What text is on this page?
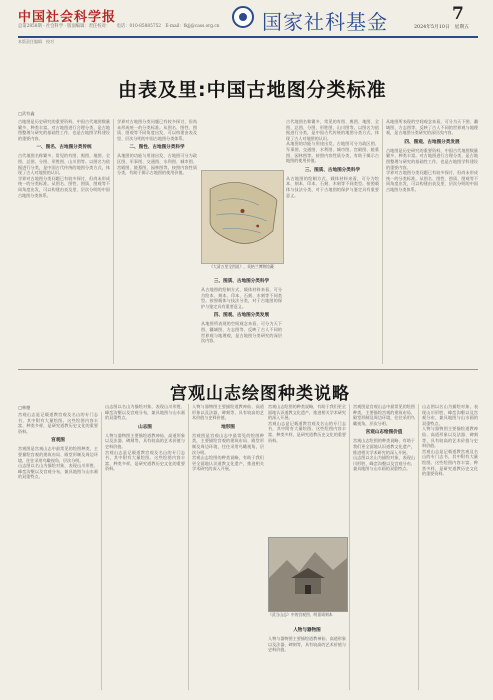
中国社会科学报
总第2858期 · 社会科学 · 版面编辑：责任校对：　　电话：010-85885752　E-mail：fkjj@cass.org.cn 国家社科基金	7
2024年5月10日　星期五
本版责任编辑　校对
由表及里:中国古地图分类标准
□武有鑫
古地图是历史研究的重要资料，中国古代地图数量繁多、种类丰富。对古地图进行合理分类，是古地图整理与研究的基础性工作，也是古地图学科建设的重要内容。
一、图名、古地图分类传统
古代地图名称繁多，常见的有图、舆图、地图、全图、总图、分图、形胜图、山川图等。以图名为依据进行分类，是中国古代传统的地图分类方式，体现了古人对地图的认识。
学界对古地图分类问题已有较多探讨，但尚未形成统一的分类标准。从图名、图性、图质、图观等不同角度出发，可以构建由表及里、层次分明的中国古地图分类体系。
学界对古地图分类问题已有较多探讨，但尚未形成统一的分类标准。从图名、图性、图质、图观等不同角度出发，可以构建由表及里、层次分明的中国古地图分类体系。
二、图性、古地图分类科学
从地图的功能与用途出发，古地图可分为政区图、军事图、交通图、水利图、城市图、宫殿图、陵墓图、园林图等。按照内容性质分类，有助于揭示古地图的使用价值。
《大清万里全图说》，英格兰博物馆藏
三、图质、古地图分类科学
从古地图的绘制方式、载体材料来看，可分为绘本、刻本、印本、石刻、木刻等不同类型。按照载体与技法分类，对于古地图的保护与鉴定具有重要意义。
四、图观、古地图分类发展
从地图所表现的空间观念来看，可分为天下图、疆域图、方志图等，反映了古人不同的世界观与地理观，是古地图分类研究的深层次内容。
古代地图名称繁多，常见的有图、舆图、地图、全图、总图、分图、形胜图、山川图等。以图名为依据进行分类，是中国古代传统的地图分类方式，体现了古人对地图的认识。
从地图的功能与用途出发，古地图可分为政区图、军事图、交通图、水利图、城市图、宫殿图、陵墓图、园林图等。按照内容性质分类，有助于揭示古地图的使用价值。
三、图质、古地图分类科学
从古地图的绘制方式、载体材料来看，可分为绘本、刻本、印本、石刻、木刻等不同类型。按照载体与技法分类，对于古地图的保护与鉴定具有重要意义。
从地图所表现的空间观念来看，可分为天下图、疆域图、方志图等，反映了古人不同的世界观与地理观，是古地图分类研究的深层次内容。
四、图观、古地图分类发展
古地图是历史研究的重要资料，中国古代地图数量繁多、种类丰富。对古地图进行合理分类，是古地图整理与研究的基础性工作，也是古地图学科建设的重要内容。
学界对古地图分类问题已有较多探讨，但尚未形成统一的分类标准。从图名、图性、图质、图观等不同角度出发，可以构建由表及里、层次分明的中国古地图分类体系。
宫观山志绘图种类说略
□林德
宫观山志是记载道教宫观及名山的专门志书，其中附有大量绘图。这些绘图内容丰富、种类多样，是研究道教历史文化的重要资料。
宫观图
宫观图是宫观山志中最常见的绘图种类，主要描绘宫观的建筑布局、殿堂形制及周边环境，往往采用鸟瞰视角，层次分明。
山志图以名山为描绘对象，表现山川形胜、峰峦沟壑以及宫观分布，兼具地图与山水画的双重特点。
山志图以名山为描绘对象，表现山川形胜、峰峦沟壑以及宫观分布，兼具地图与山水画的双重特点。
山志图
人物与器物图主要描绘道教神仙、高道形象以及法器、碑刻等，具有较高的艺术价值与史料价值。
宫观山志是记载道教宫观及名山的专门志书，其中附有大量绘图。这些绘图内容丰富、种类多样，是研究道教历史文化的重要资料。
人物与器物图主要描绘道教神仙、高道形象以及法器、碑刻等，具有较高的艺术价值与史料价值。
地形图
宫观图是宫观山志中最常见的绘图种类，主要描绘宫观的建筑布局、殿堂形制及周边环境，往往采用鸟瞰视角，层次分明。
宫观山志绘图的种类说略，有助于我们更全面地认识道教文化遗产，推进相关学术研究的深入开展。
宫观山志绘图的种类说略，有助于我们更全面地认识道教文化遗产，推进相关学术研究的深入开展。
宫观山志是记载道教宫观及名山的专门志书，其中附有大量绘图。这些绘图内容丰富、种类多样，是研究道教历史文化的重要资料。
《武当山志》中的宫观图，明嘉靖刻本
人物与器物图
人物与器物图主要描绘道教神仙、高道形象以及法器、碑刻等，具有较高的艺术价值与史料价值。
宫观图是宫观山志中最常见的绘图种类，主要描绘宫观的建筑布局、殿堂形制及周边环境，往往采用鸟瞰视角，层次分明。
宫观山志绘图价值
宫观山志绘图的种类说略，有助于我们更全面地认识道教文化遗产，推进相关学术研究的深入开展。
山志图以名山为描绘对象，表现山川形胜、峰峦沟壑以及宫观分布，兼具地图与山水画的双重特点。
山志图以名山为描绘对象，表现山川形胜、峰峦沟壑以及宫观分布，兼具地图与山水画的双重特点。
人物与器物图主要描绘道教神仙、高道形象以及法器、碑刻等，具有较高的艺术价值与史料价值。
宫观山志是记载道教宫观及名山的专门志书，其中附有大量绘图。这些绘图内容丰富、种类多样，是研究道教历史文化的重要资料。
